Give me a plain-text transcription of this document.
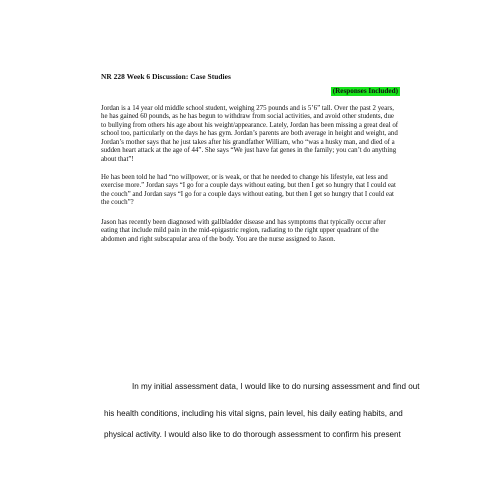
NR 228 Week 6 Discussion: Case Studies
(Responses Included)

Jordan is a 14 year old middle school student, weighing 275 pounds and is 5’6” tall. Over the past 2 years, he has gained 60 pounds, as he has begun to withdraw from social activities, and avoid other students, due to bullying from others his age about his weight/appearance. Lately, Jordan has been missing a great deal of school too, particularly on the days he has gym. Jordan’s parents are both average in height and weight, and Jordan’s mother says that he just takes after his grandfather William, who “was a husky man, and died of a sudden heart attack at the age of 44”. She says “We just have fat genes in the family; you can’t do anything about that”!

He has been told he had “no willpower, or is weak, or that he needed to change his lifestyle, eat less and exercise more.” Jordan says “I go for a couple days without eating, but then I get so hungry that I could eat the couch” and Jordan says “I go for a couple days without eating, but then I get so hungry that I could eat the couch”?

Jason has recently been diagnosed with gallbladder disease and has symptoms that typically occur after eating that include mild pain in the mid-epigastric region, radiating to the right upper quadrant of the abdomen and right subscapular area of the body. You are the nurse assigned to Jason.

In my initial assessment data, I would like to do nursing assessment and find out
his health conditions, including his vital signs, pain level, his daily eating habits, and
physical activity. I would also like to do thorough assessment to confirm his present
